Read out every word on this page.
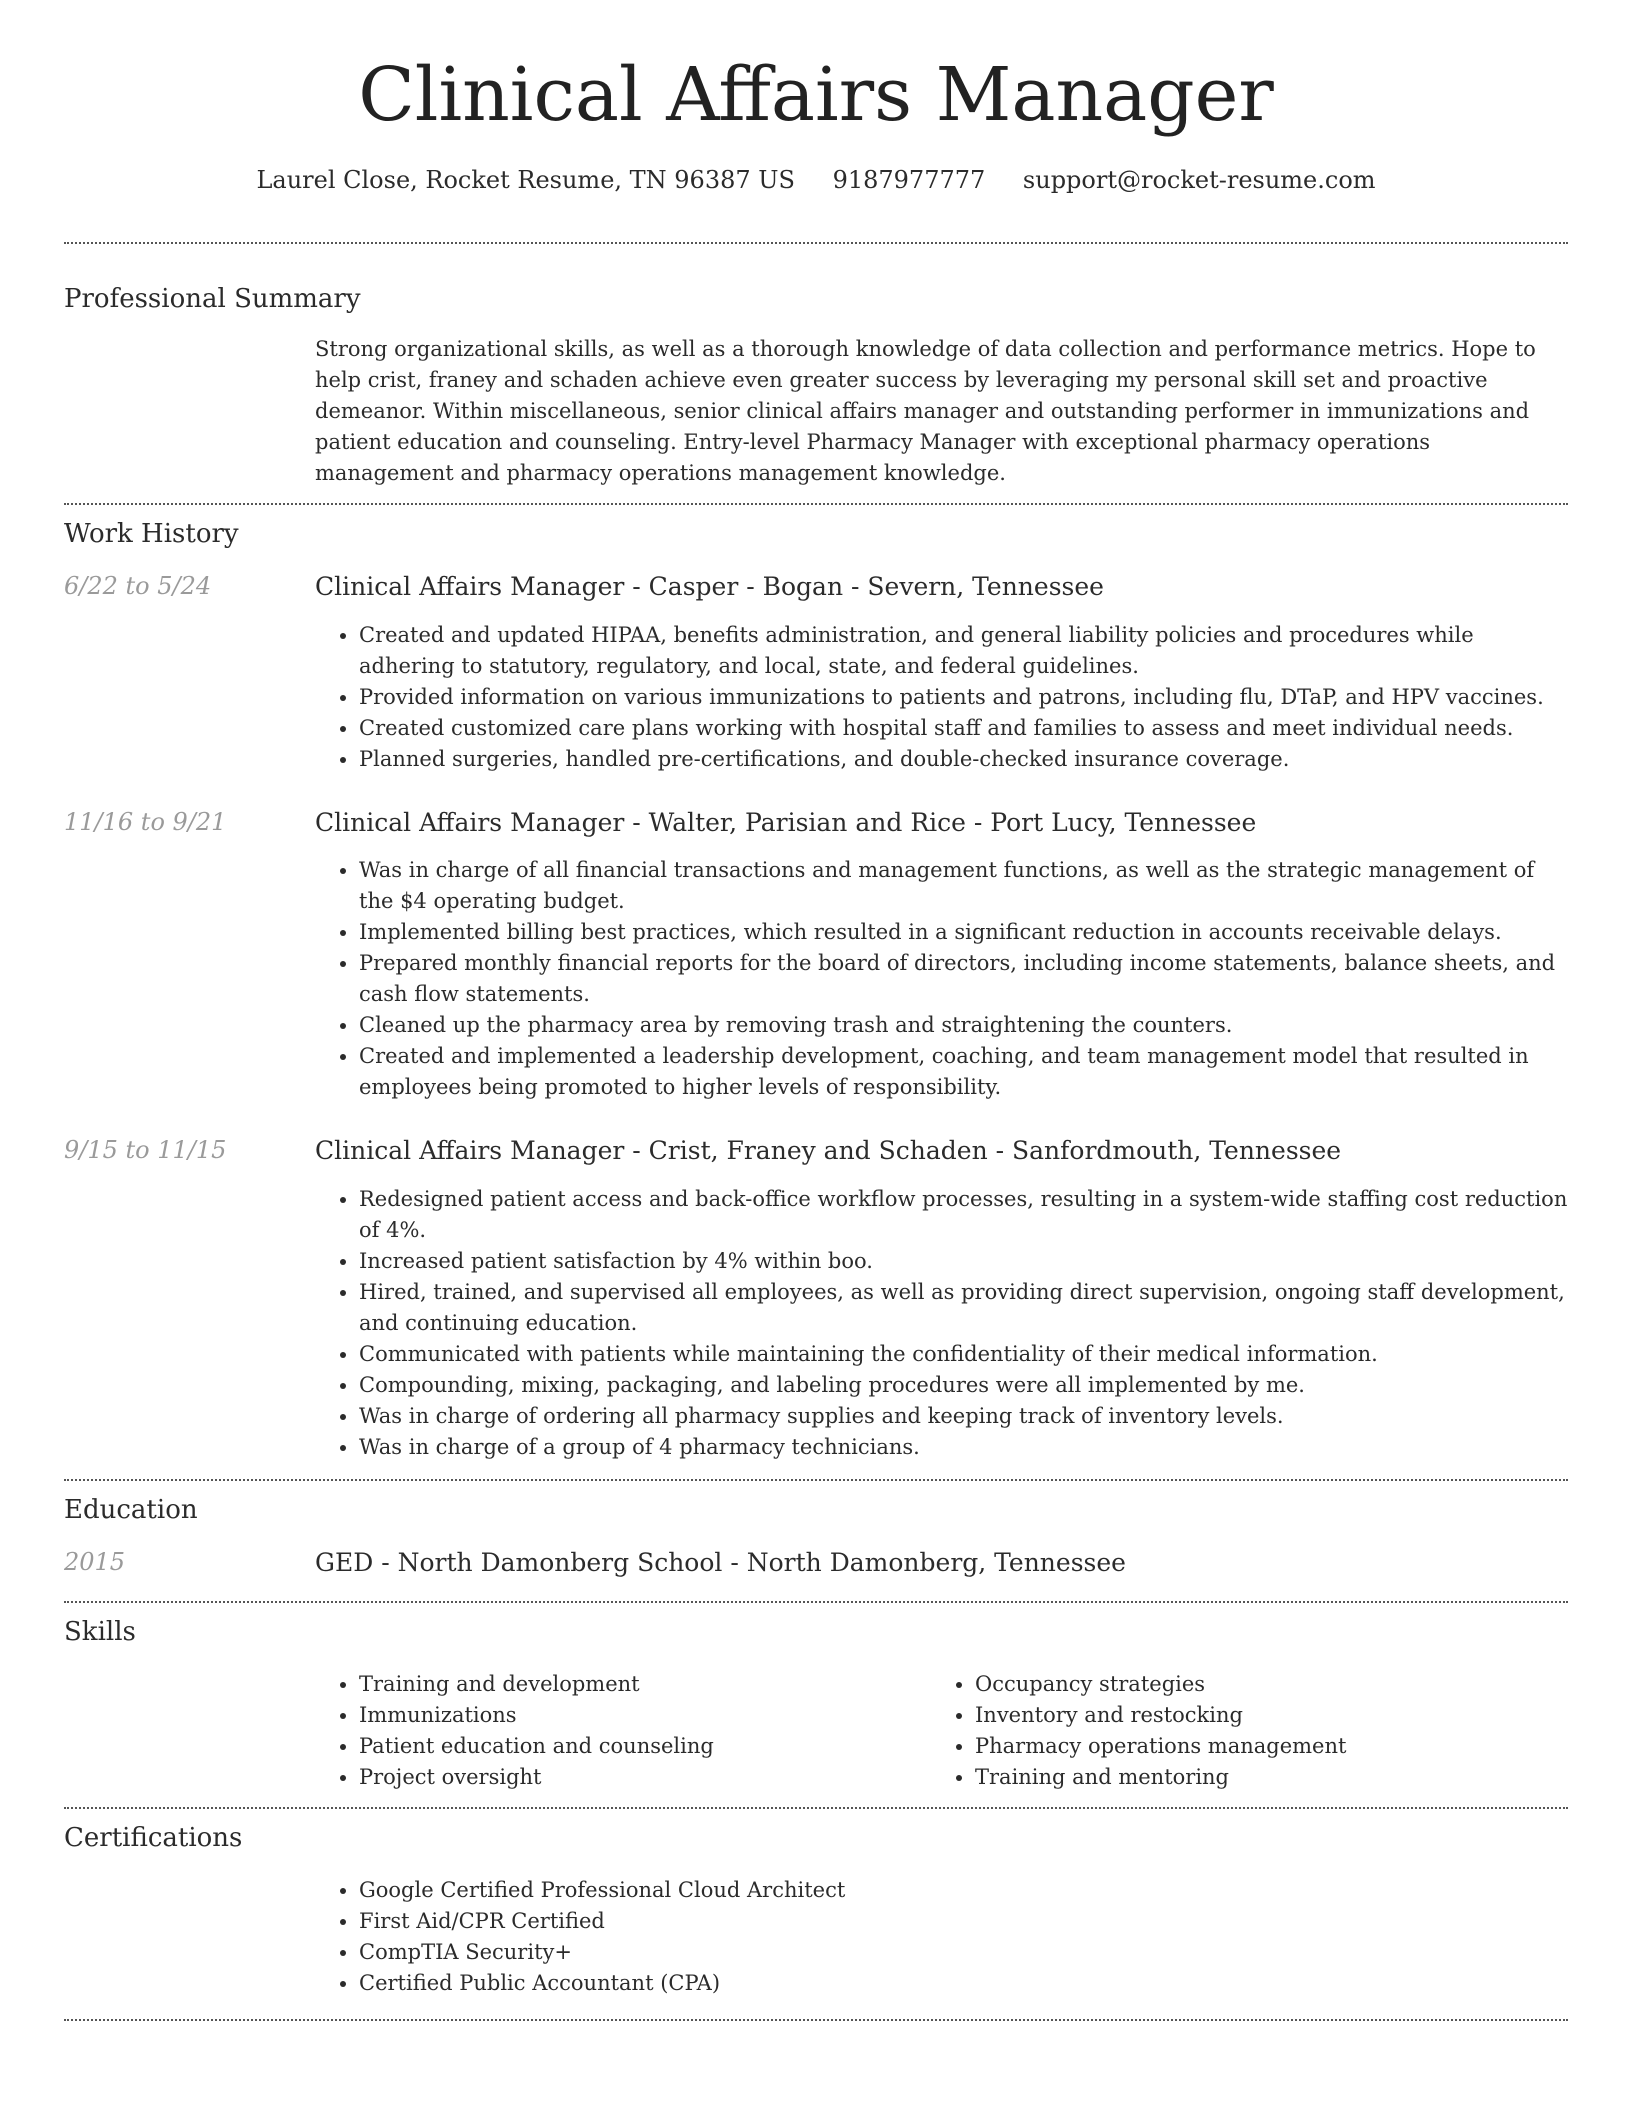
Clinical Affairs Manager
Laurel Close, Rocket Resume, TN 96387 US 9187977777 support@rocket-resume.com
Professional Summary
Strong organizational skills, as well as a thorough knowledge of data collection and performance metrics. Hope to help crist, franey and schaden achieve even greater success by leveraging my personal skill set and proactive demeanor. Within miscellaneous, senior clinical affairs manager and outstanding performer in immunizations and patient education and counseling. Entry-level Pharmacy Manager with exceptional pharmacy operations management and pharmacy operations management knowledge.
Work History
6/22 to 5/24	Clinical Affairs Manager - Casper - Bogan - Severn, Tennessee
• Created and updated HIPAA, benefits administration, and general liability policies and procedures while adhering to statutory, regulatory, and local, state, and federal guidelines.
• Provided information on various immunizations to patients and patrons, including flu, DTaP, and HPV vaccines.
• Created customized care plans working with hospital staff and families to assess and meet individual needs.
• Planned surgeries, handled pre-certifications, and double-checked insurance coverage.
11/16 to 9/21	Clinical Affairs Manager - Walter, Parisian and Rice - Port Lucy, Tennessee
• Was in charge of all financial transactions and management functions, as well as the strategic management of the $4 operating budget.
• Implemented billing best practices, which resulted in a significant reduction in accounts receivable delays.
• Prepared monthly financial reports for the board of directors, including income statements, balance sheets, and cash flow statements.
• Cleaned up the pharmacy area by removing trash and straightening the counters.
• Created and implemented a leadership development, coaching, and team management model that resulted in employees being promoted to higher levels of responsibility.
9/15 to 11/15	Clinical Affairs Manager - Crist, Franey and Schaden - Sanfordmouth, Tennessee
• Redesigned patient access and back-office workflow processes, resulting in a system-wide staffing cost reduction of 4%.
• Increased patient satisfaction by 4% within boo.
• Hired, trained, and supervised all employees, as well as providing direct supervision, ongoing staff development, and continuing education.
• Communicated with patients while maintaining the confidentiality of their medical information.
• Compounding, mixing, packaging, and labeling procedures were all implemented by me.
• Was in charge of ordering all pharmacy supplies and keeping track of inventory levels.
• Was in charge of a group of 4 pharmacy technicians.
Education
2015	GED - North Damonberg School - North Damonberg, Tennessee
Skills
• Training and development
• Immunizations
• Patient education and counseling
• Project oversight
• Occupancy strategies
• Inventory and restocking
• Pharmacy operations management
• Training and mentoring
Certifications
• Google Certified Professional Cloud Architect
• First Aid/CPR Certified
• CompTIA Security+
• Certified Public Accountant (CPA)
